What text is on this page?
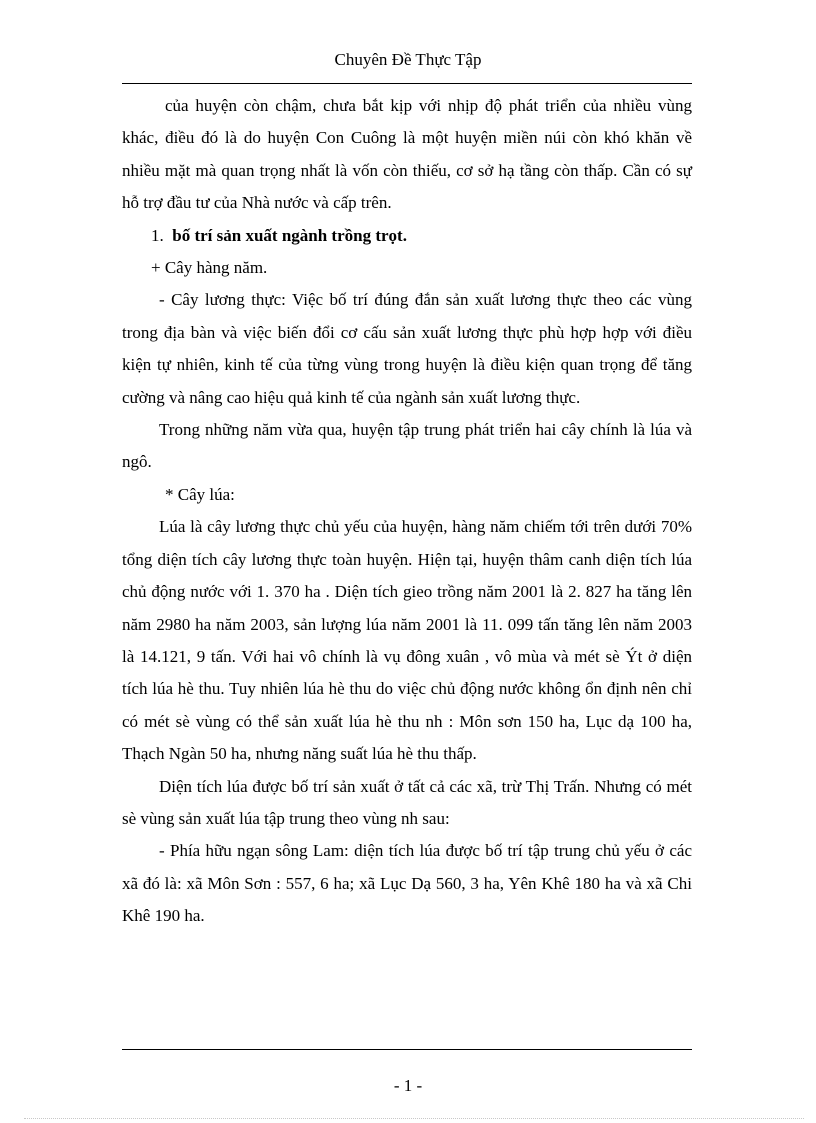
Chuyên Đề Thực Tập

của huyện còn chậm, chưa bắt kịp với nhịp độ phát triển của nhiều vùng khác, điều đó là do huyện Con Cuông là một huyện miền núi còn khó khăn về nhiều mặt mà quan trọng nhất là vốn còn thiếu, cơ sở hạ tầng còn thấp. Cần có sự hỗ trợ đầu tư của Nhà nước và cấp trên.

1. bố trí sản xuất ngành trồng trọt.

+ Cây hàng năm.

- Cây lương thực: Việc bố trí đúng đắn sản xuất lương thực theo các vùng trong địa bàn và việc biến đổi cơ cấu sản xuất lương thực phù hợp hợp với điều kiện tự nhiên, kinh tế của từng vùng trong huyện là điều kiện quan trọng để tăng cường và nâng cao hiệu quả kinh tế của ngành sản xuất lương thực.

Trong những năm vừa qua, huyện tập trung phát triển hai cây chính là lúa và ngô.

* Cây lúa:

Lúa là cây lương thực chủ yếu của huyện, hàng năm chiếm tới trên dưới 70% tổng diện tích cây lương thực toàn huyện. Hiện tại, huyện thâm canh diện tích lúa chủ động nước với 1. 370 ha . Diện tích gieo trồng năm 2001 là 2. 827 ha tăng lên năm 2980 ha năm 2003, sản lượng lúa năm 2001 là 11. 099 tấn tăng lên năm 2003 là 14.121, 9 tấn. Với hai vô chính là vụ đông xuân , vô mùa và mét sè Ýt ở diện tích lúa hè thu. Tuy nhiên lúa hè thu do việc chủ động nước không ổn định nên chỉ có mét sè vùng có thể sản xuất lúa hè thu nh : Môn sơn 150 ha, Lục dạ 100 ha, Thạch Ngàn 50 ha, nhưng năng suất lúa hè thu thấp.

Diện tích lúa được bố trí sản xuất ở tất cả các xã, trừ Thị Trấn. Nhưng có mét sè vùng sản xuất lúa tập trung theo vùng nh sau:

- Phía hữu ngạn sông Lam: diện tích lúa được bố trí tập trung chủ yếu ở các xã đó là: xã Môn Sơn : 557, 6 ha; xã Lục Dạ 560, 3 ha, Yên Khê 180 ha và xã Chi Khê 190 ha.

- 1 -
